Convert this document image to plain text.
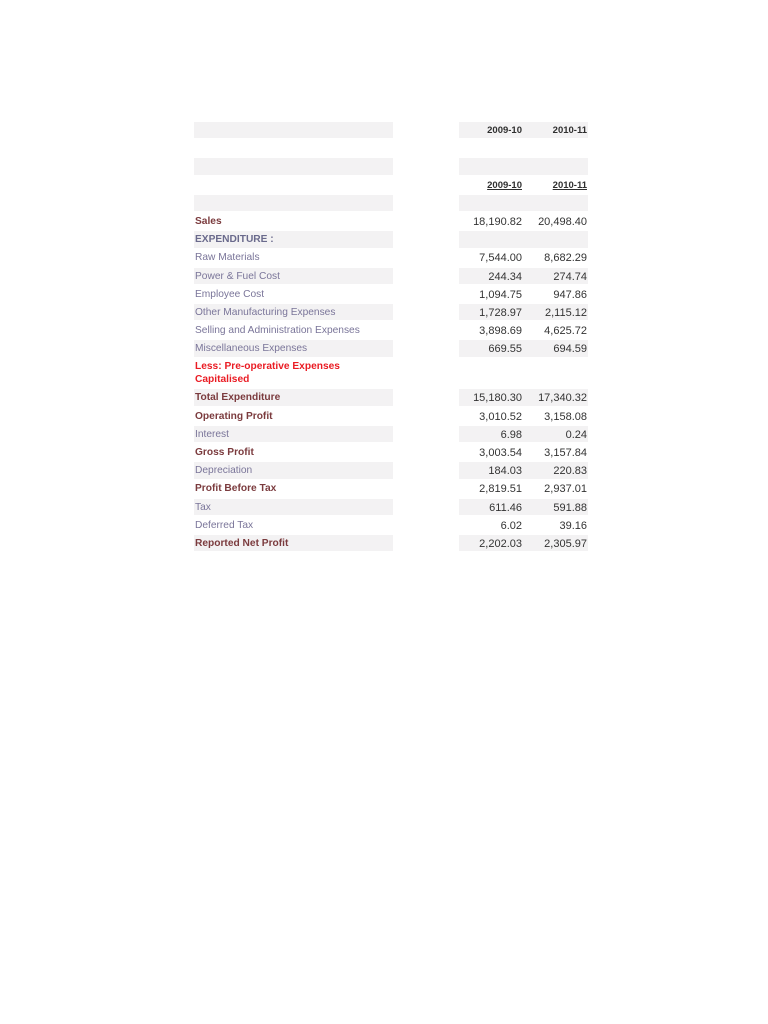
2009-10	2010-11
2009-10	2010-11
Sales	18,190.82	20,498.40
EXPENDITURE :
Raw Materials	7,544.00	8,682.29
Power & Fuel Cost	244.34	274.74
Employee Cost	1,094.75	947.86
Other Manufacturing Expenses	1,728.97	2,115.12
Selling and Administration Expenses	3,898.69	4,625.72
Miscellaneous Expenses	669.55	694.59
Less: Pre-operative Expenses Capitalised
Total Expenditure	15,180.30	17,340.32
Operating Profit	3,010.52	3,158.08
Interest	6.98	0.24
Gross Profit	3,003.54	3,157.84
Depreciation	184.03	220.83
Profit Before Tax	2,819.51	2,937.01
Tax	611.46	591.88
Deferred Tax	6.02	39.16
Reported Net Profit	2,202.03	2,305.97
